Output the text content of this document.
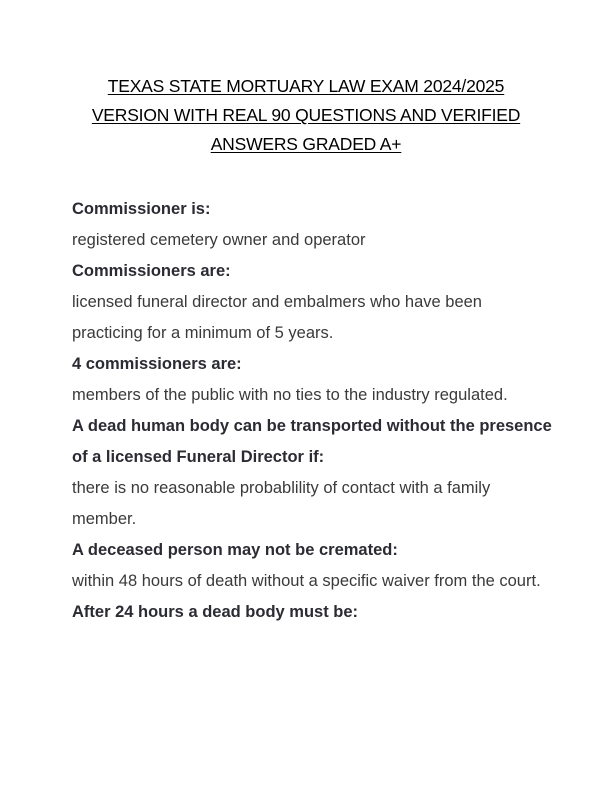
TEXAS STATE MORTUARY LAW EXAM 2024/2025
VERSION WITH REAL 90 QUESTIONS AND VERIFIED
ANSWERS GRADED A+
Commissioner is:
registered cemetery owner and operator
Commissioners are:
licensed funeral director and embalmers who have been practicing for a minimum of 5 years.
4 commissioners are:
members of the public with no ties to the industry regulated.
A dead human body can be transported without the presence of a licensed Funeral Director if:
there is no reasonable probablility of contact with a family member.
A deceased person may not be cremated:
within 48 hours of death without a specific waiver from the court.
After 24 hours a dead body must be:
